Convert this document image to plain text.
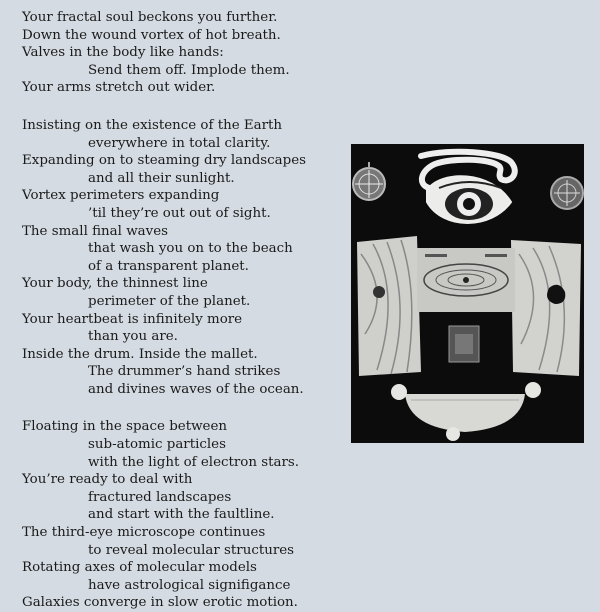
Your fractal soul beckons you further.
Down the wound vortex of hot breath.
Valves in the body like hands:
Send them off. Implode them.
Your arms stretch out wider.
Insisting on the existence of the Earth
everywhere in total clarity.
Expanding on to steaming dry landscapes
and all their sunlight.
Vortex perimeters expanding
’til they’re out out of sight.
The small final waves
that wash you on to the beach
of a transparent planet.
Your body, the thinnest line
perimeter of the planet.
Your heartbeat is infinitely more
than you are.
Inside the drum. Inside the mallet.
The drummer’s hand strikes
and divines waves of the ocean.
Floating in the space between
sub-atomic particles
with the light of electron stars.
You’re ready to deal with
fractured landscapes
and start with the faultline.
The third-eye microscope continues
to reveal molecular structures
Rotating axes of molecular models
have astrological signifigance
Galaxies converge in slow erotic motion.
